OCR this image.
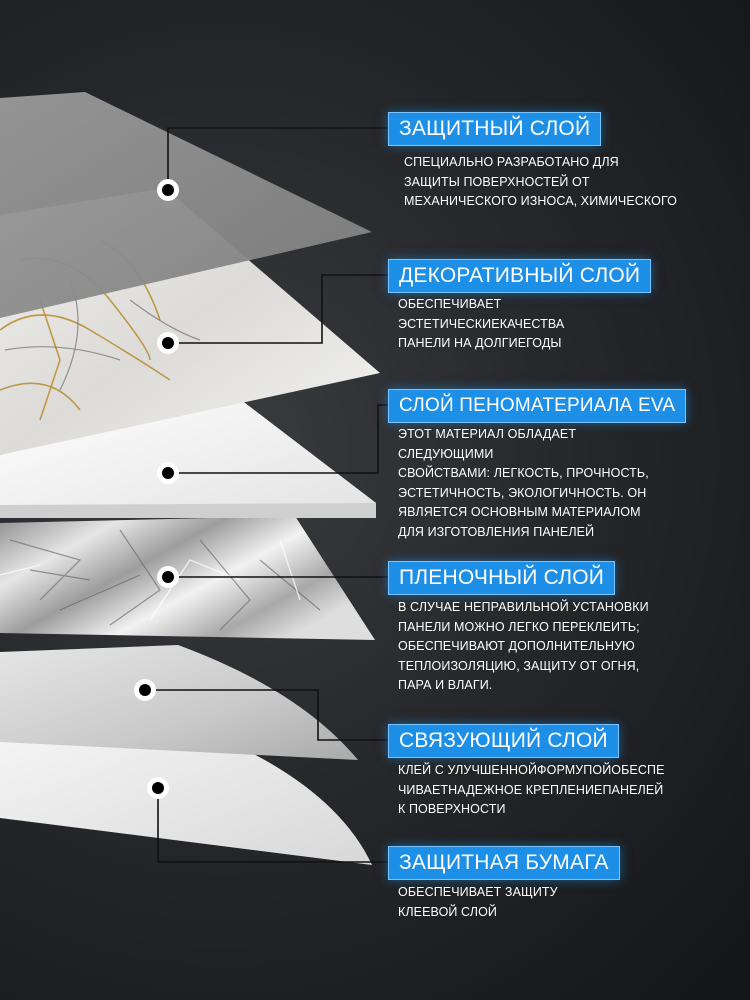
ЗАЩИТНЫЙ СЛОЙ
СПЕЦИАЛЬНО РАЗРАБОТАНО ДЛЯ
ЗАЩИТЫ ПОВЕРХНОСТЕЙ ОТ
МЕХАНИЧЕСКОГО ИЗНОСА, ХИМИЧЕСКОГО
ДЕКОРАТИВНЫЙ СЛОЙ
ОБЕСПЕЧИВАЕТ
ЭСТЕТИЧЕСКИЕКАЧЕСТВА
ПАНЕЛИ НА ДОЛГИЕГОДЫ
СЛОЙ ПЕНОМАТЕРИАЛА EVA
ЭТОТ МАТЕРИАЛ ОБЛАДАЕТ
СЛЕДУЮЩИМИ
СВОЙСТВАМИ: ЛЕГКОСТЬ, ПРОЧНОСТЬ,
ЭСТЕТИЧНОСТЬ, ЭКОЛОГИЧНОСТЬ. ОН
ЯВЛЯЕТСЯ ОСНОВНЫМ МАТЕРИАЛОМ
ДЛЯ ИЗГОТОВЛЕНИЯ ПАНЕЛЕЙ
ПЛЕНОЧНЫЙ СЛОЙ
В СЛУЧАЕ НЕПРАВИЛЬНОЙ УСТАНОВКИ
ПАНЕЛИ МОЖНО ЛЕГКО ПЕРЕКЛЕИТЬ;
ОБЕСПЕЧИВАЮТ ДОПОЛНИТЕЛЬНУЮ
ТЕПЛОИЗОЛЯЦИЮ, ЗАЩИТУ ОТ ОГНЯ,
ПАРА И ВЛАГИ.
СВЯЗУЮЩИЙ СЛОЙ
КЛЕЙ С УЛУЧШЕННОЙФОРМУПОЙОБЕСПЕ
ЧИВАЕТНАДЕЖНОЕ КРЕПЛЕНИЕПАНЕЛЕЙ
К ПОВЕРХНОСТИ
ЗАЩИТНАЯ БУМАГА
ОБЕСПЕЧИВАЕТ ЗАЩИТУ
КЛЕЕВОЙ СЛОЙ
